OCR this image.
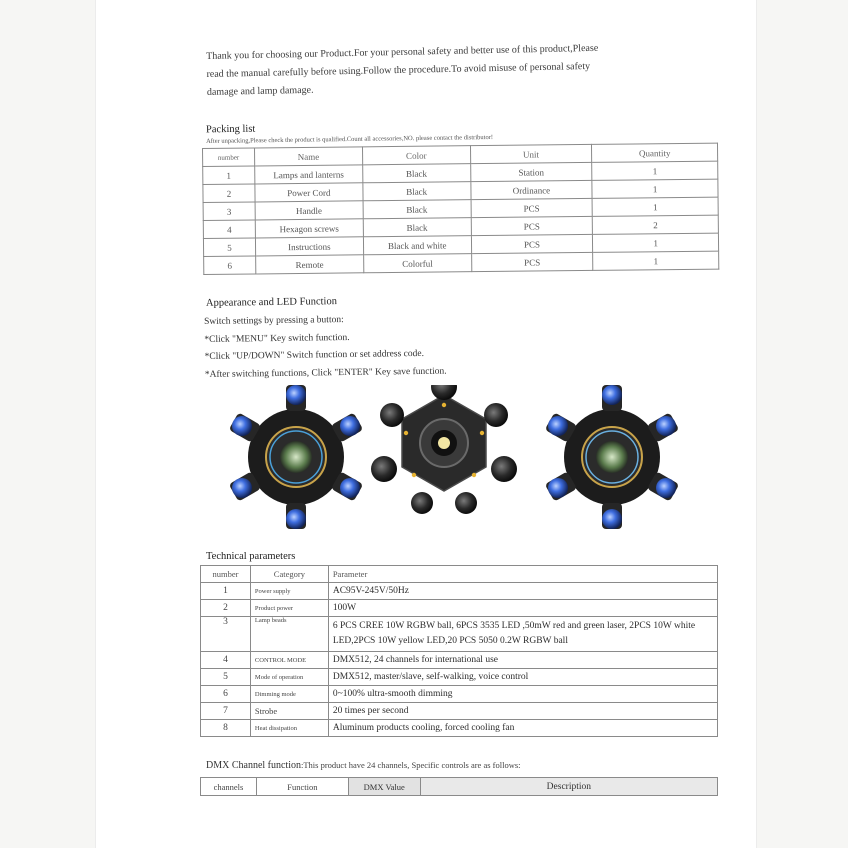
Thank you for choosing our Product.For your personal safety and better use of this product,Please
read the manual carefully before using.Follow the procedure.To avoid misuse of personal safety
damage and lamp damage.
Packing list
After unpacking,Please check the product is qualified.Count all accessories,NO. please contact the distributor!
number	Name	Color	Unit	Quantity
1	Lamps and lanterns	Black	Station	1
2	Power Cord	Black	Ordinance	1
3	Handle	Black	PCS	1
4	Hexagon screws	Black	PCS	2
5	Instructions	Black and white	PCS	1
6	Remote	Colorful	PCS	1
Appearance and LED Function
Switch settings by pressing a button:
*Click "MENU" Key switch function.
*Click "UP/DOWN" Switch function or set address code.
*After switching functions, Click "ENTER" Key save function.
Technical parameters
number	Category	Parameter
1	Power supply	AC95V-245V/50Hz
2	Product power	100W
3	Lamp beads	6 PCS CREE 10W RGBW ball, 6PCS 3535 LED ,50mW red and green laser, 2PCS 10W white LED,2PCS 10W yellow LED,20 PCS 5050 0.2W RGBW ball
4	CONTROL MODE	DMX512, 24 channels for international use
5	Mode of operation	DMX512, master/slave, self-walking, voice control
6	Dimming mode	0~100% ultra-smooth dimming
7	Strobe	20 times per second
8	Heat dissipation	Aluminum products cooling, forced cooling fan
DMX Channel function:This product have 24 channels, Specific controls are as follows:
channels	Function	DMX Value	Description
